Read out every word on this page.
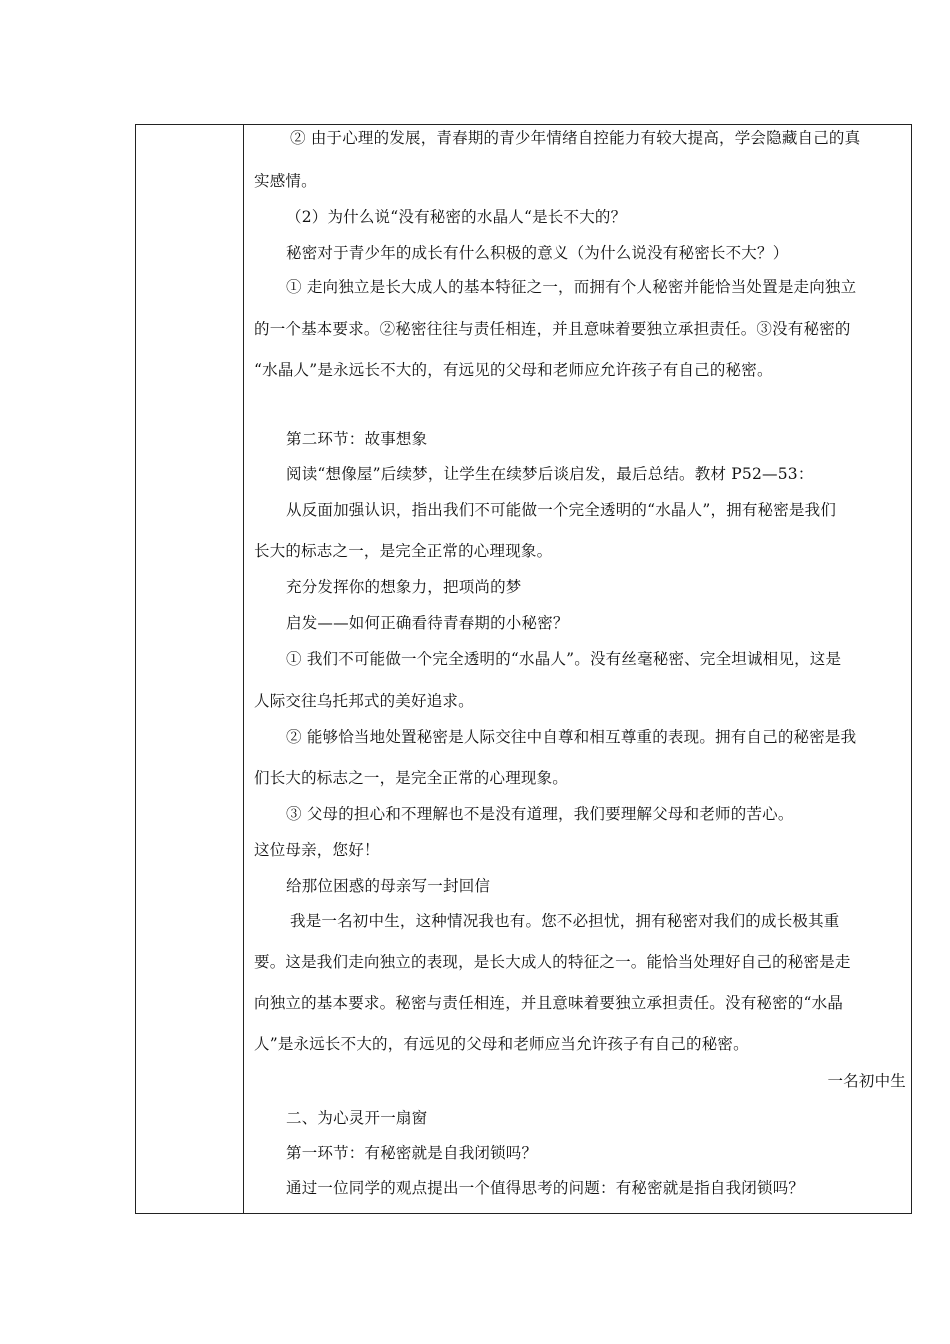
② 由于心理的发展，青春期的青少年情绪自控能力有较大提高，学会隐藏自己的真
实感情。
（2）为什么说“没有秘密的水晶人“是长不大的？
秘密对于青少年的成长有什么积极的意义（为什么说没有秘密长不大？）
① 走向独立是长大成人的基本特征之一，而拥有个人秘密并能恰当处置是走向独立
的一个基本要求。②秘密往往与责任相连，并且意味着要独立承担责任。③没有秘密的
“水晶人”是永远长不大的，有远见的父母和老师应允许孩子有自己的秘密。
第二环节：故事想象
阅读“想像屋”后续梦，让学生在续梦后谈启发，最后总结。教材 P52—53：
从反面加强认识，指出我们不可能做一个完全透明的“水晶人”，拥有秘密是我们
长大的标志之一，是完全正常的心理现象。
充分发挥你的想象力，把项尚的梦
启发——如何正确看待青春期的小秘密？
① 我们不可能做一个完全透明的“水晶人”。没有丝毫秘密、完全坦诚相见，这是
人际交往乌托邦式的美好追求。
② 能够恰当地处置秘密是人际交往中自尊和相互尊重的表现。拥有自己的秘密是我
们长大的标志之一，是完全正常的心理现象。
③ 父母的担心和不理解也不是没有道理，我们要理解父母和老师的苦心。
这位母亲，您好！
给那位困惑的母亲写一封回信
我是一名初中生，这种情况我也有。您不必担忧，拥有秘密对我们的成长极其重
要。这是我们走向独立的表现，是长大成人的特征之一。能恰当处理好自己的秘密是走
向独立的基本要求。秘密与责任相连，并且意味着要独立承担责任。没有秘密的“水晶
人”是永远长不大的，有远见的父母和老师应当允许孩子有自己的秘密。
一名初中生
二、为心灵开一扇窗
第一环节：有秘密就是自我闭锁吗？
通过一位同学的观点提出一个值得思考的问题：有秘密就是指自我闭锁吗？
